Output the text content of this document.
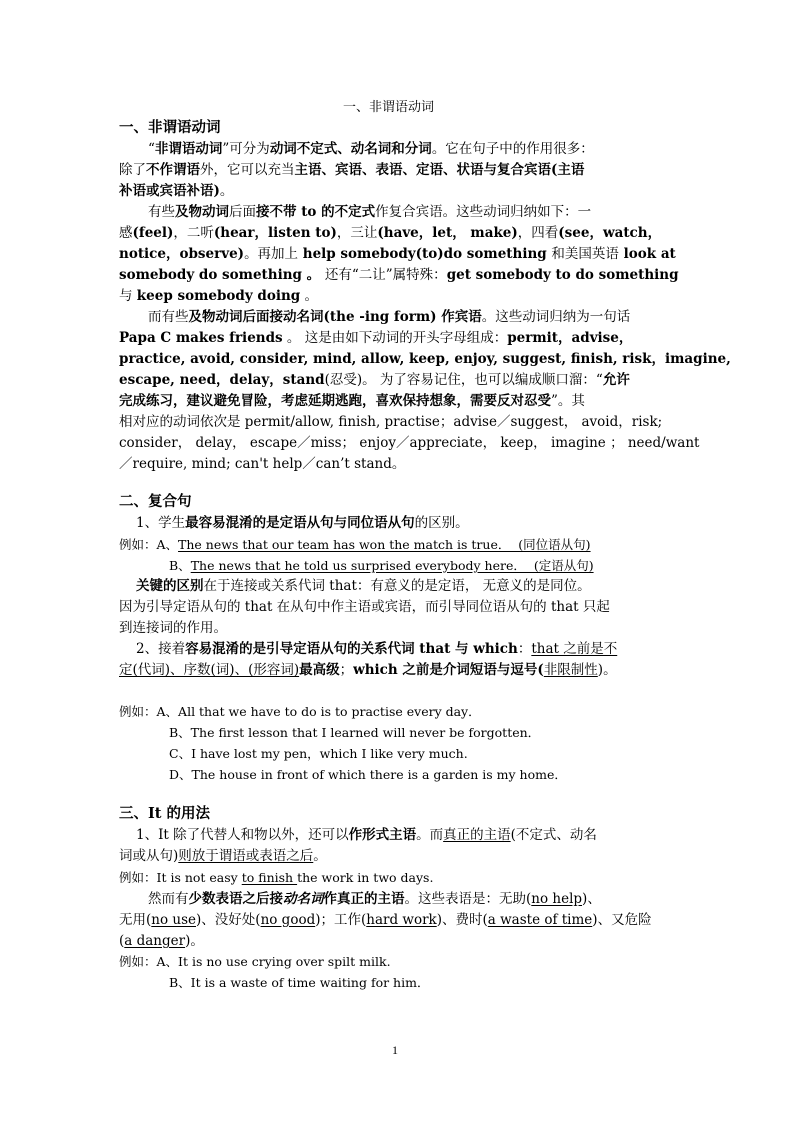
一、非谓语动词
一、非谓语动词
“非谓语动词”可分为动词不定式、动名词和分词。它在句子中的作用很多：
除了不作谓语外，它可以充当主语、宾语、表语、定语、状语与复合宾语(主语
补语或宾语补语)。
有些及物动词后面接不带 to 的不定式作复合宾语。这些动词归纳如下：一
感(feel)，二听(hear，listen to)，三让(have，let， make)，四看(see，watch，
notice，observe)。再加上 help somebody(to)do something 和美国英语 look at
somebody do something 。 还有“二让”属特殊：get somebody to do something
与 keep somebody doing 。
而有些及物动词后面接动名词(the -ing form) 作宾语。这些动词归纳为一句话
Papa C makes friends 。 这是由如下动词的开头字母组成：permit，advise，
practice, avoid, consider, mind, allow, keep, enjoy, suggest, finish, risk，imagine,
escape, need，delay，stand(忍受)。 为了容易记住，也可以编成顺口溜：“允许
完成练习，建议避免冒险，考虑延期逃跑，喜欢保持想象，需要反对忍受”。其
相对应的动词依次是 permit/allow, finish, practise；advise／suggest， avoid，risk;
consider， delay， escape／miss； enjoy／appreciate， keep， imagine ； need/want
／require, mind; can't help／can’t stand。
二、复合句
1、学生最容易混淆的是定语从句与同位语从句的区别。
例如：A、The news that our team has won the match is true．  (同位语从句)
B、The news that he told us surprised everybody here．  (定语从句)
关键的区别在于连接或关系代词 that：有意义的是定语， 无意义的是同位。
因为引导定语从句的 that 在从句中作主语或宾语，而引导同位语从句的 that 只起
到连接词的作用。
2、接着容易混淆的是引导定语从句的关系代词 that 与 which：that 之前是不
定(代词)、序数(词)、(形容词)最高级；which 之前是介词短语与逗号(非限制性)。
例如：A、All that we have to do is to practise every day．
B、The first lesson that I learned will never be forgotten．
C、I have lost my pen，which I like very much.
D、The house in front of which there is a garden is my home．
三、It 的用法
1、It 除了代替人和物以外，还可以作形式主语。而真正的主语(不定式、动名
词或从句)则放于谓语或表语之后。
例如：It is not easy to finish the work in two days.
然而有少数表语之后接动名词作真正的主语。这些表语是：无助(no help)、
无用(no use)、没好处(no good)；工作(hard work)、费时(a waste of time)、又危险
(a danger)。
例如：A、It is no use crying over spilt milk.
B、It is a waste of time waiting for him．
1
